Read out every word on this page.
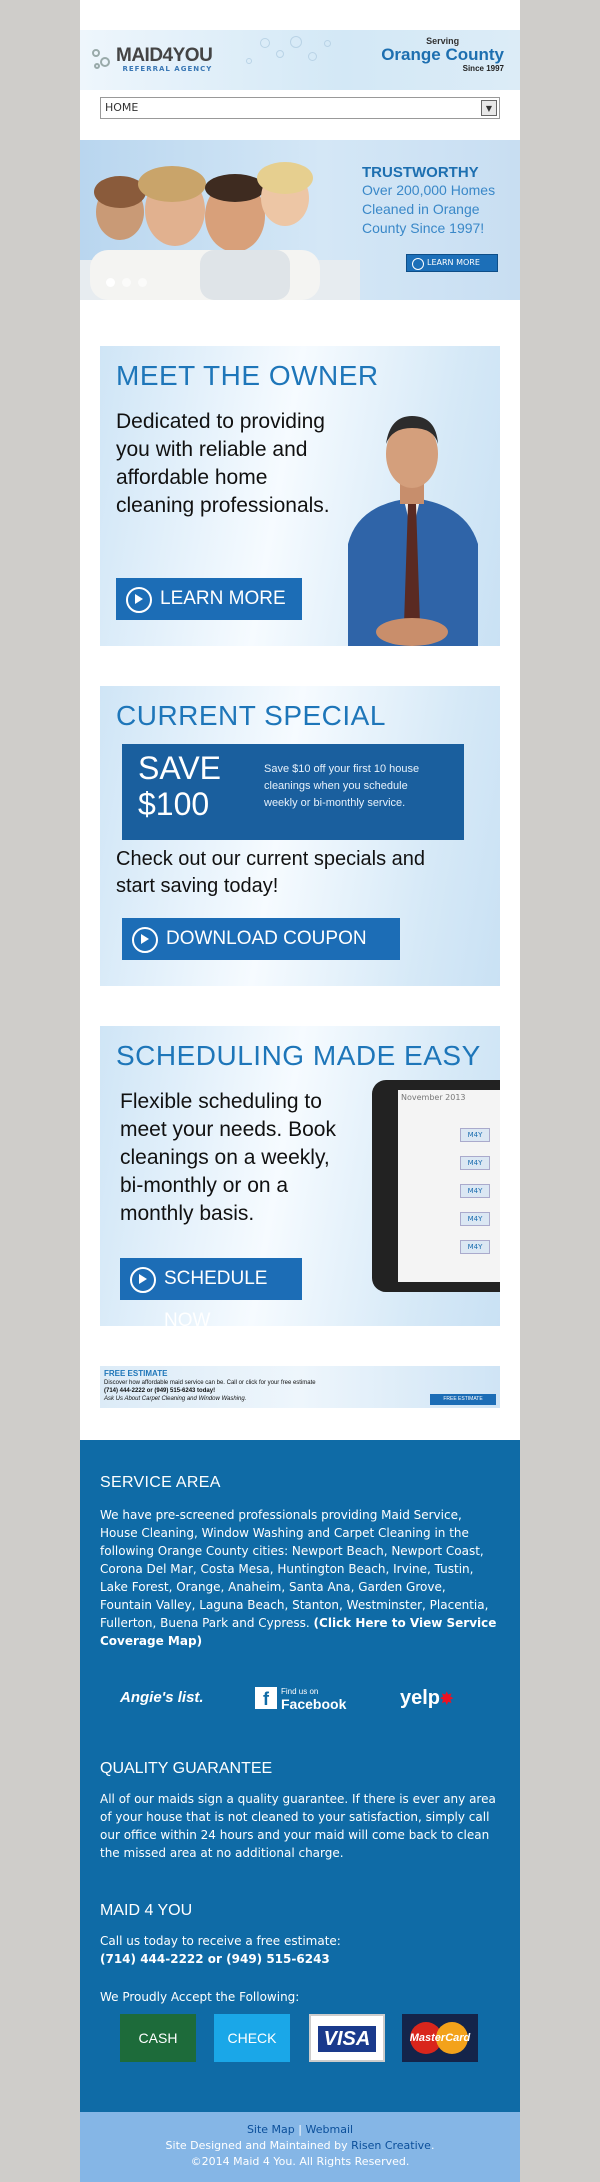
MAID4YOU
REFERRAL AGENCY
Serving
Orange County
Since 1997
HOME	▼
TRUSTWORTHY
Over 200,000 Homes
Cleaned in Orange
County Since 1997!
LEARN MORE
MEET THE OWNER
Dedicated to providing
you with reliable and
affordable home
cleaning professionals.
LEARN MORE
CURRENT SPECIAL
SAVE
$100
Save $10 off your first 10 house
cleanings when you schedule
weekly or bi-monthly service.
Check out our current specials and
start saving today!
DOWNLOAD COUPON
SCHEDULING MADE EASY
Flexible scheduling to
meet your needs. Book
cleanings on a weekly,
bi-monthly or on a
monthly basis.
SCHEDULE NOW
November 2013
M4Y
M4Y
M4Y
M4Y
M4Y
FREE ESTIMATE
Discover how affordable maid service can be. Call or click for your free estimate
(714) 444-2222 or (949) 515-6243 today!
Ask Us About Carpet Cleaning and Window Washing.	FREE ESTIMATE
SERVICE AREA

We have pre-screened professionals providing Maid Service, House Cleaning, Window Washing and Carpet Cleaning in the following Orange County cities: Newport Beach, Newport Coast, Corona Del Mar, Costa Mesa, Huntington Beach, Irvine, Tustin, Lake Forest, Orange, Anaheim, Santa Ana, Garden Grove, Fountain Valley, Laguna Beach, Stanton, Westminster, Placentia, Fullerton, Buena Park and Cypress. (Click Here to View Service Coverage Map)

Angie's list.	f	Find us on
Facebook	yelp✸
QUALITY GUARANTEE

All of our maids sign a quality guarantee. If there is ever any area of your house that is not cleaned to your satisfaction, simply call our office within 24 hours and your maid will come back to clean the missed area at no additional charge.

MAID 4 YOU

Call us today to receive a free estimate:

(714) 444-2222 or (949) 515-6243

We Proudly Accept the Following:

CASH	CHECK	VISA	MasterCard
Site Map | Webmail
Site Designed and Maintained by Risen Creative.
©2014 Maid 4 You. All Rights Reserved.
